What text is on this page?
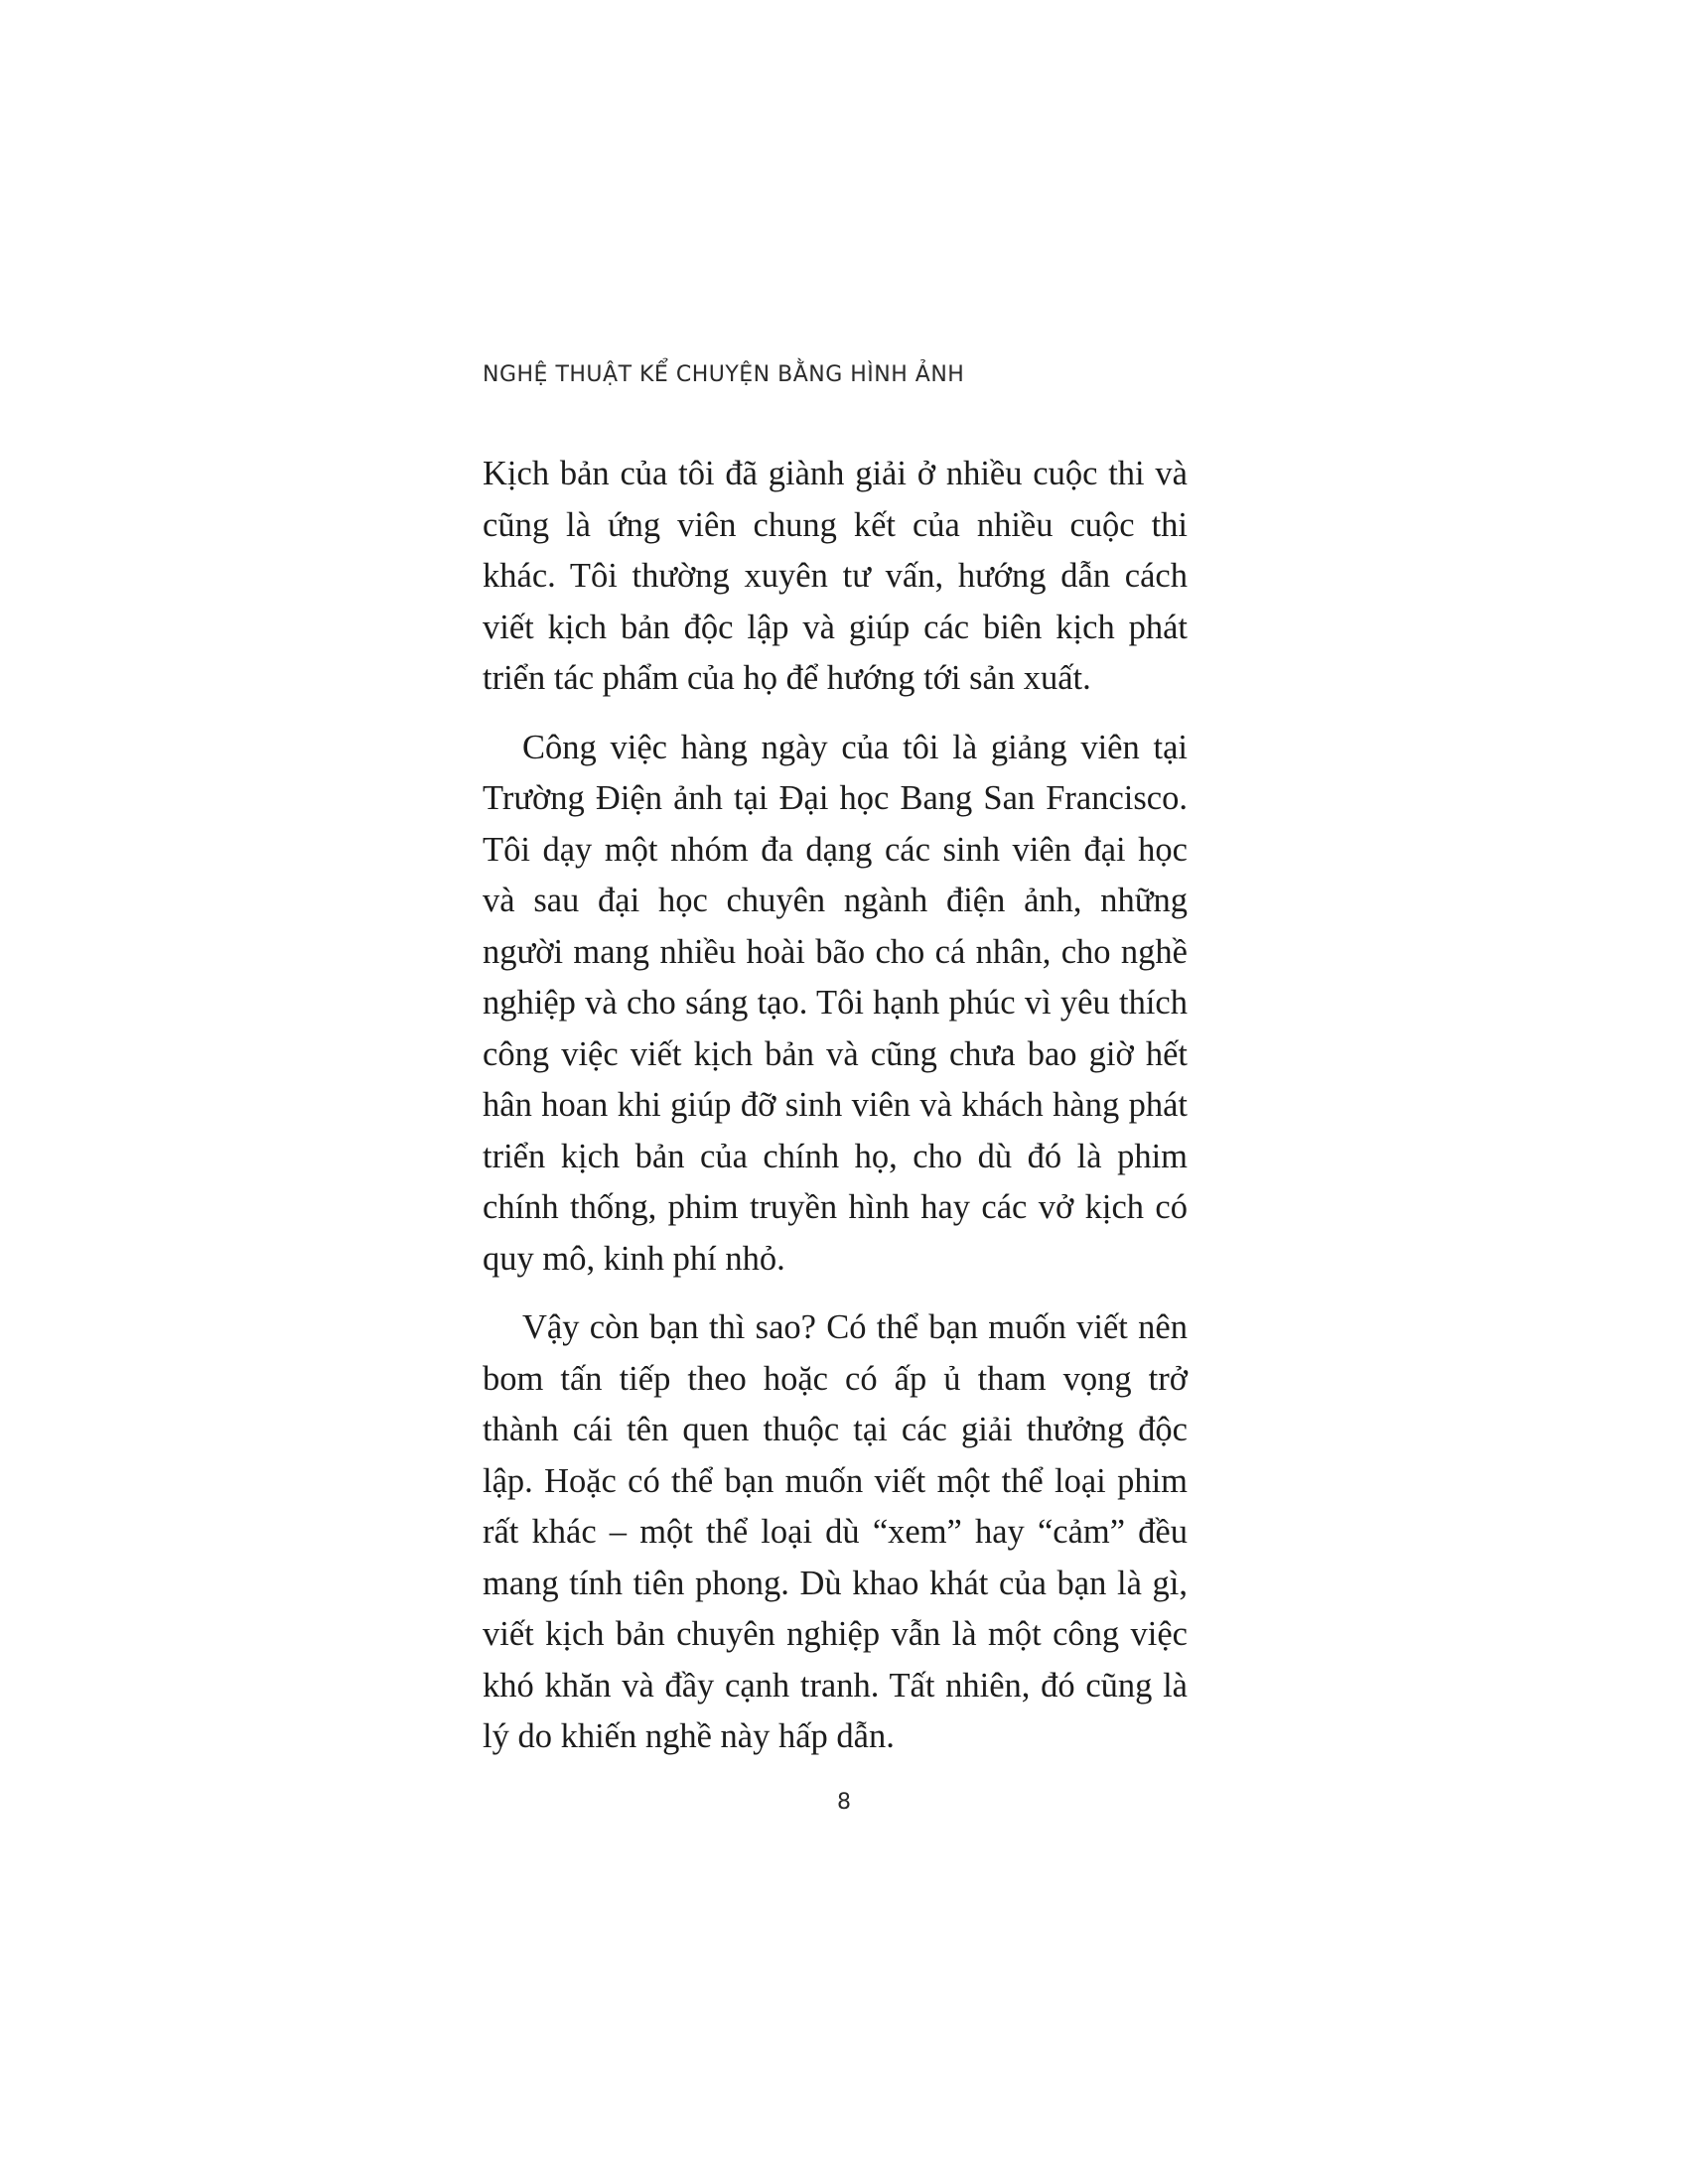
NGHỆ THUẬT KỂ CHUYỆN BẰNG HÌNH ẢNH

Kịch bản của tôi đã giành giải ở nhiều cuộc thi và cũng là ứng viên chung kết của nhiều cuộc thi khác. Tôi thường xuyên tư vấn, hướng dẫn cách viết kịch bản độc lập và giúp các biên kịch phát triển tác phẩm của họ để hướng tới sản xuất.

Công việc hàng ngày của tôi là giảng viên tại Trường Điện ảnh tại Đại học Bang San Francisco. Tôi dạy một nhóm đa dạng các sinh viên đại học và sau đại học chuyên ngành điện ảnh, những người mang nhiều hoài bão cho cá nhân, cho nghề nghiệp và cho sáng tạo. Tôi hạnh phúc vì yêu thích công việc viết kịch bản và cũng chưa bao giờ hết hân hoan khi giúp đỡ sinh viên và khách hàng phát triển kịch bản của chính họ, cho dù đó là phim chính thống, phim truyền hình hay các vở kịch có quy mô, kinh phí nhỏ.

Vậy còn bạn thì sao? Có thể bạn muốn viết nên bom tấn tiếp theo hoặc có ấp ủ tham vọng trở thành cái tên quen thuộc tại các giải thưởng độc lập. Hoặc có thể bạn muốn viết một thể loại phim rất khác – một thể loại dù “xem” hay “cảm” đều mang tính tiên phong. Dù khao khát của bạn là gì, viết kịch bản chuyên nghiệp vẫn là một công việc khó khăn và đầy cạnh tranh. Tất nhiên, đó cũng là lý do khiến nghề này hấp dẫn.

8
